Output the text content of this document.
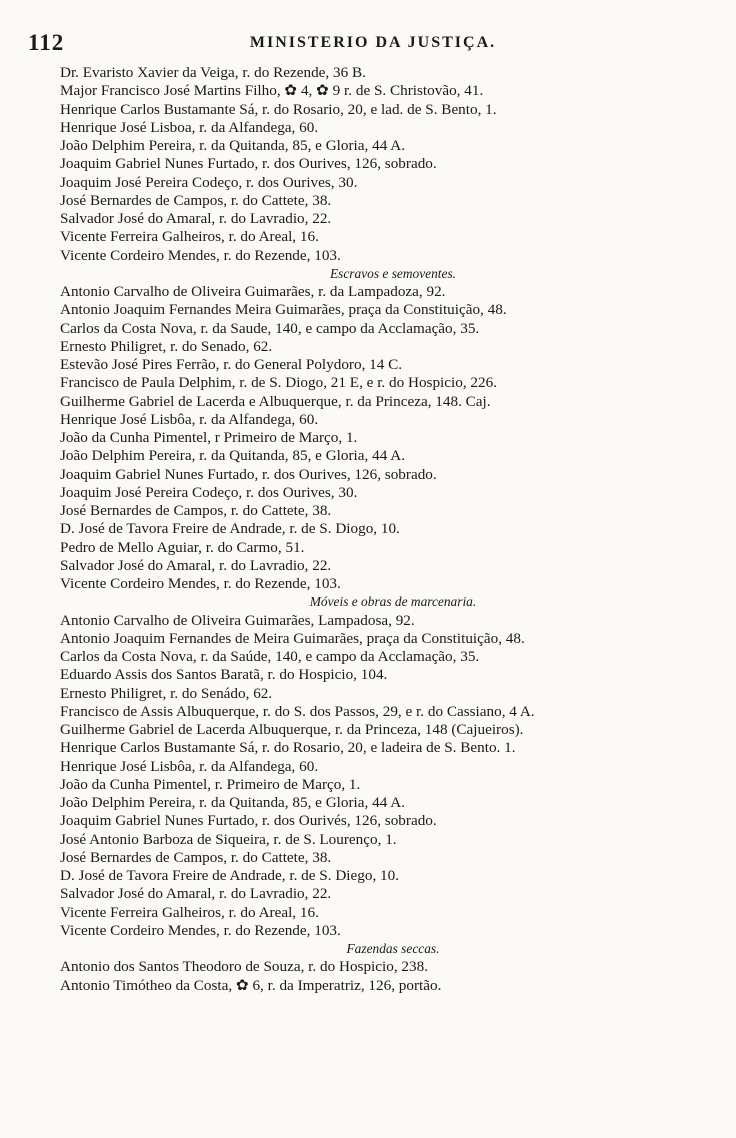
112	MINISTERIO DA JUSTIÇA.
Dr. Evaristo Xavier da Veiga, r. do Rezende, 36 B.
Major Francisco José Martins Filho, ✿ 4, ✿ 9 r. de S. Christovão, 41.
Henrique Carlos Bustamante Sá, r. do Rosario, 20, e lad. de S. Bento, 1.
Henrique José Lisboa, r. da Alfandega, 60.
João Delphim Pereira, r. da Quitanda, 85, e Gloria, 44 A.
Joaquim Gabriel Nunes Furtado, r. dos Ourives, 126, sobrado.
Joaquim José Pereira Codeço, r. dos Ourives, 30.
José Bernardes de Campos, r. do Cattete, 38.
Salvador José do Amaral, r. do Lavradio, 22.
Vicente Ferreira Galheiros, r. do Areal, 16.
Vicente Cordeiro Mendes, r. do Rezende, 103.
Escravos e semoventes.
Antonio Carvalho de Oliveira Guimarães, r. da Lampadoza, 92.
Antonio Joaquim Fernandes Meira Guimarães, praça da Constituição, 48.
Carlos da Costa Nova, r. da Saude, 140, e campo da Acclamação, 35.
Ernesto Philigret, r. do Senado, 62.
Estevão José Pires Ferrão, r. do General Polydoro, 14 C.
Francisco de Paula Delphim, r. de S. Diogo, 21 E, e r. do Hospicio, 226.
Guilherme Gabriel de Lacerda e Albuquerque, r. da Princeza, 148. Caj.
Henrique José Lisbôa, r. da Alfandega, 60.
João da Cunha Pimentel, r Primeiro de Março, 1.
João Delphim Pereira, r. da Quitanda, 85, e Gloria, 44 A.
Joaquim Gabriel Nunes Furtado, r. dos Ourives, 126, sobrado.
Joaquim José Pereira Codeço, r. dos Ourives, 30.
José Bernardes de Campos, r. do Cattete, 38.
D. José de Tavora Freire de Andrade, r. de S. Diogo, 10.
Pedro de Mello Aguiar, r. do Carmo, 51.
Salvador José do Amaral, r. do Lavradio, 22.
Vicente Cordeiro Mendes, r. do Rezende, 103.
Móveis e obras de marcenaria.
Antonio Carvalho de Oliveira Guimarães, Lampadosa, 92.
Antonio Joaquim Fernandes de Meira Guimarães, praça da Constituição, 48.
Carlos da Costa Nova, r. da Saúde, 140, e campo da Acclamação, 35.
Eduardo Assis dos Santos Baratã, r. do Hospicio, 104.
Ernesto Philigret, r. do Senádo, 62.
Francisco de Assis Albuquerque, r. do S. dos Passos, 29, e r. do Cassiano, 4 A.
Guilherme Gabriel de Lacerda Albuquerque, r. da Princeza, 148 (Cajueiros).
Henrique Carlos Bustamante Sá, r. do Rosario, 20, e ladeira de S. Bento. 1.
Henrique José Lisbôa, r. da Alfandega, 60.
João da Cunha Pimentel, r. Primeiro de Março, 1.
João Delphim Pereira, r. da Quitanda, 85, e Gloria, 44 A.
Joaquim Gabriel Nunes Furtado, r. dos Ourivés, 126, sobrado.
José Antonio Barboza de Siqueira, r. de S. Lourenço, 1.
José Bernardes de Campos, r. do Cattete, 38.
D. José de Tavora Freire de Andrade, r. de S. Diego, 10.
Salvador José do Amaral, r. do Lavradio, 22.
Vicente Ferreira Galheiros, r. do Areal, 16.
Vicente Cordeiro Mendes, r. do Rezende, 103.
Fazendas seccas.
Antonio dos Santos Theodoro de Souza, r. do Hospicio, 238.
Antonio Timótheo da Costa, ✿ 6, r. da Imperatriz, 126, portão.
